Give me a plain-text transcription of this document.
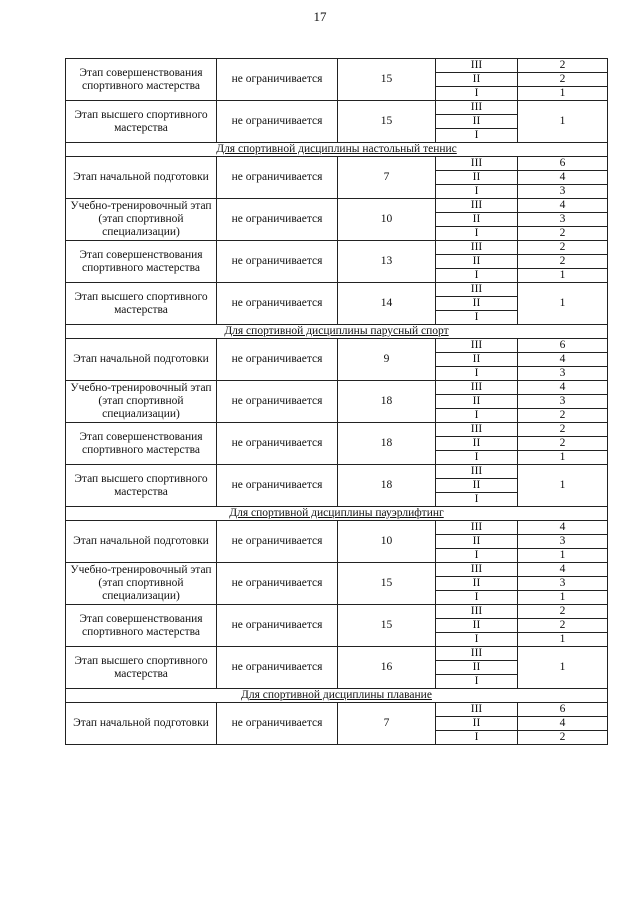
17
Этап совершенствования спортивного мастерства	не ограничивается	15	III	2
			II	2
			I	1
Этап высшего спортивного мастерства	не ограничивается	15	III	1
			II	
			I	
Для спортивной дисциплины настольный теннис				
Этап начальной подготовки	не ограничивается	7	III	6
			II	4
			I	3
Учебно-тренировочный этап (этап спортивной специализации)	не ограничивается	10	III	4
			II	3
			I	2
Этап совершенствования спортивного мастерства	не ограничивается	13	III	2
			II	2
			I	1
Этап высшего спортивного мастерства	не ограничивается	14	III	1
			II	
			I	
Для спортивной дисциплины парусный спорт				
Этап начальной подготовки	не ограничивается	9	III	6
			II	4
			I	3
Учебно-тренировочный этап (этап спортивной специализации)	не ограничивается	18	III	4
			II	3
			I	2
Этап совершенствования спортивного мастерства	не ограничивается	18	III	2
			II	2
			I	1
Этап высшего спортивного мастерства	не ограничивается	18	III	1
			II	
			I	
Для спортивной дисциплины пауэрлифтинг				
Этап начальной подготовки	не ограничивается	10	III	4
			II	3
			I	1
Учебно-тренировочный этап (этап спортивной специализации)	не ограничивается	15	III	4
			II	3
			I	1
Этап совершенствования спортивного мастерства	не ограничивается	15	III	2
			II	2
			I	1
Этап высшего спортивного мастерства	не ограничивается	16	III	1
			II	
			I	
Для спортивной дисциплины плавание				
Этап начальной подготовки	не ограничивается	7	III	6
			II	4
			I	2
